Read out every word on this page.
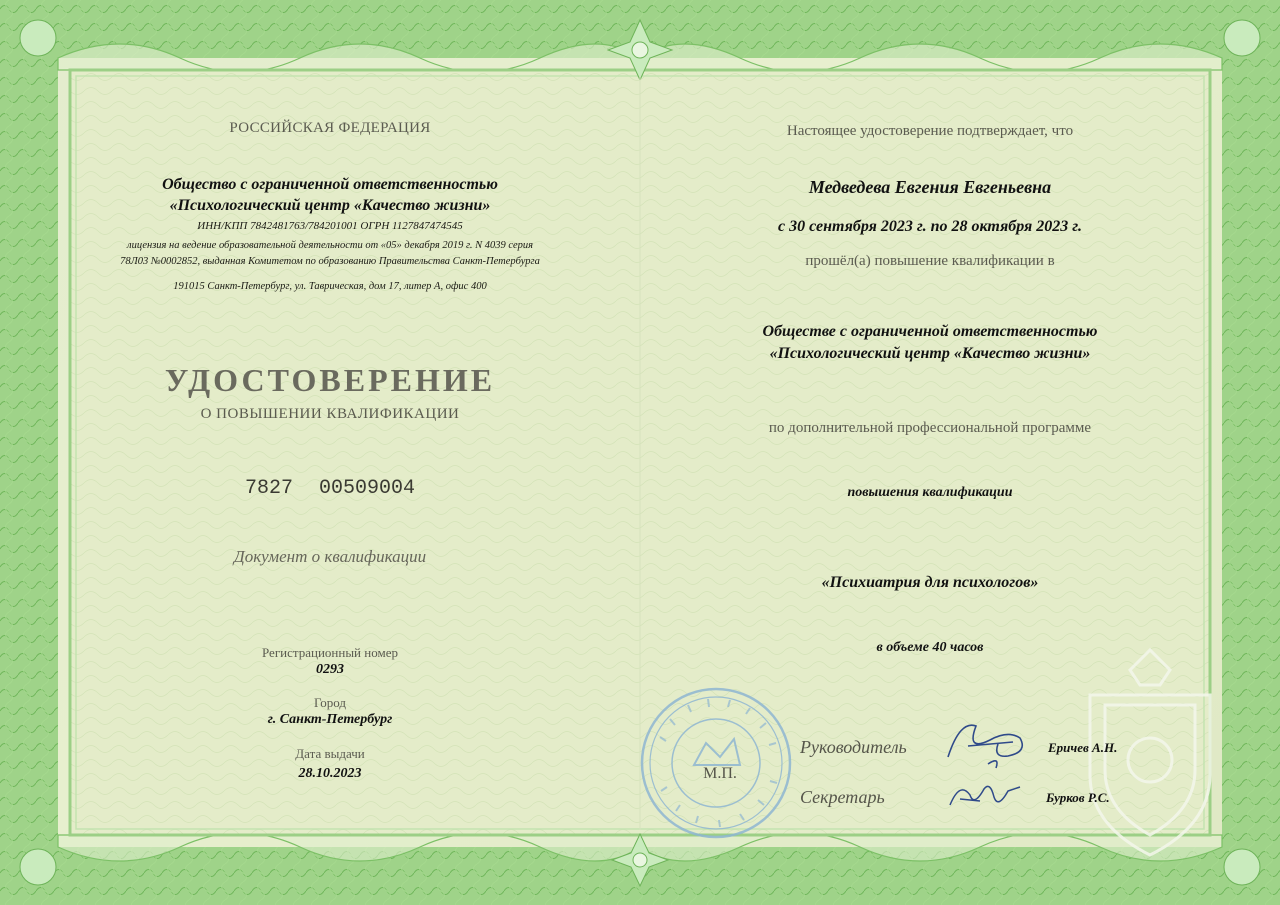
РОССИЙСКАЯ ФЕДЕРАЦИЯ
Общество с ограниченной ответственностью
«Психологический центр «Качество жизни»
ИНН/КПП 7842481763/784201001 ОГРН 1127847474545
лицензия на ведение образовательной деятельности от «05» декабря 2019 г. N 4039 серия
78Л03 №0002852, выданная Комитетом по образованию Правительства Санкт-Петербурга
191015 Санкт-Петербург, ул. Таврическая, дом 17, литер А, офис 400
УДОСТОВЕРЕНИЕ
О ПОВЫШЕНИИ КВАЛИФИКАЦИИ
7827 00509004
Документ о квалификации
Регистрационный номер
0293
Город
г. Санкт-Петербург
Дата выдачи
28.10.2023
Настоящее удостоверение подтверждает, что
Медведева Евгения Евгеньевна
с 30 сентября 2023 г. по 28 октября 2023 г.
прошёл(а) повышение квалификации в
Обществе с ограниченной ответственностью
«Психологический центр «Качество жизни»
по дополнительной профессиональной программе
повышения квалификации
«Психиатрия для психологов»
в объеме 40 часов
М.П.
Руководитель	Еричев А.Н.
Секретарь	Бурков Р.С.
